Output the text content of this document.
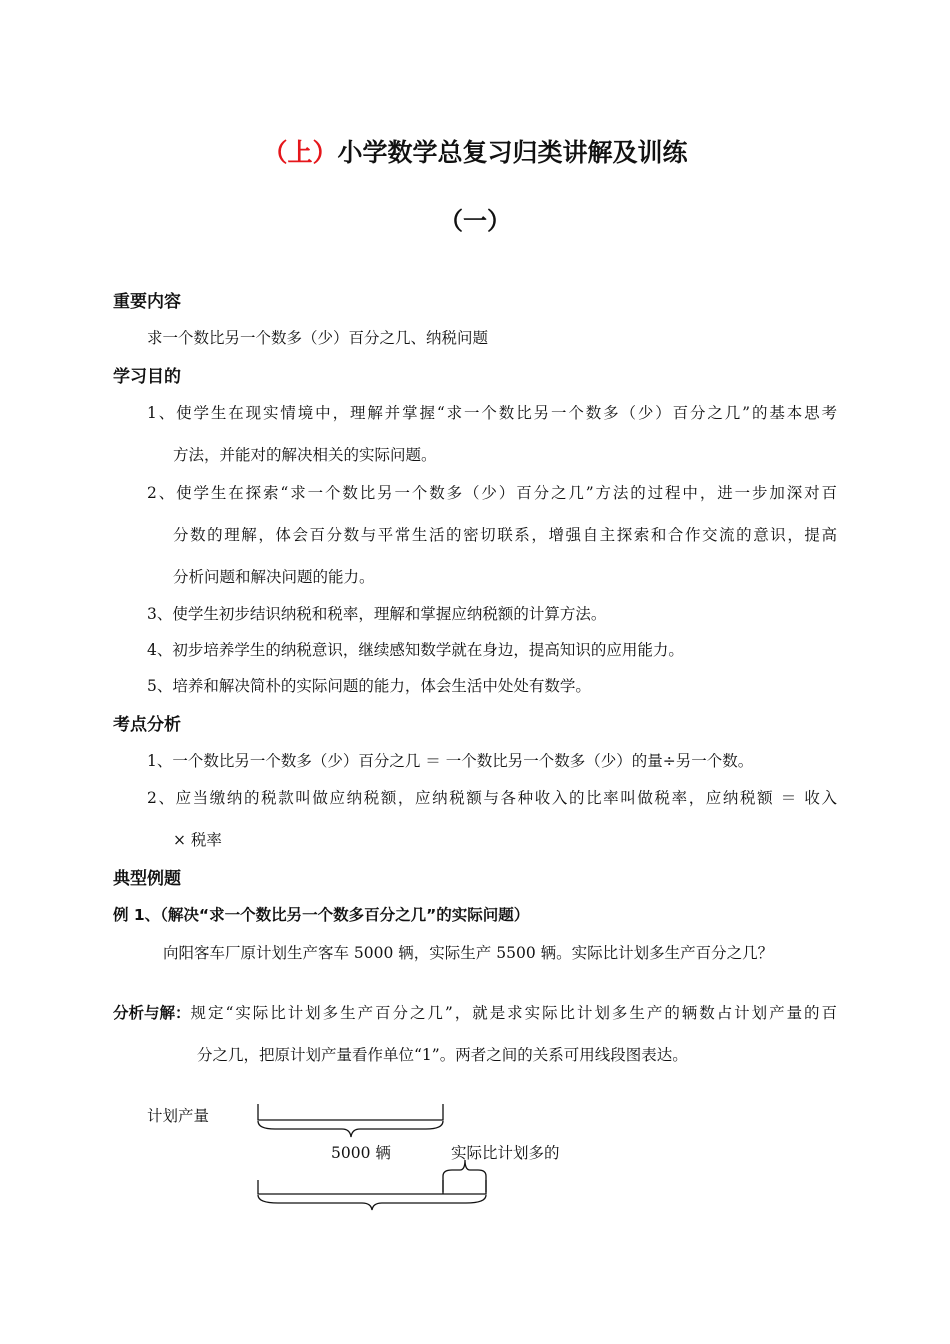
（上）小学数学总复习归类讲解及训练
（一）
重要内容
求一个数比另一个数多（少）百分之几、纳税问题
学习目的
1、使学生在现实情境中，理解并掌握“求一个数比另一个数多（少）百分之几”的基本思考
方法，并能对的解决相关的实际问题。
2、使学生在探索“求一个数比另一个数多（少）百分之几”方法的过程中，进一步加深对百
分数的理解，体会百分数与平常生活的密切联系，增强自主探索和合作交流的意识，提高
分析问题和解决问题的能力。
3、使学生初步结识纳税和税率，理解和掌握应纳税额的计算方法。
4、初步培养学生的纳税意识，继续感知数学就在身边，提高知识的应用能力。
5、培养和解决简朴的实际问题的能力，体会生活中处处有数学。
考点分析
1、一个数比另一个数多（少）百分之几 ＝ 一个数比另一个数多（少）的量÷另一个数。
2、应当缴纳的税款叫做应纳税额，应纳税额与各种收入的比率叫做税率，应纳税额 ＝ 收入
× 税率
典型例题
例 1、（解决“求一个数比另一个数多百分之几”的实际问题）
向阳客车厂原计划生产客车 5000 辆，实际生产 5500 辆。实际比计划多生产百分之几？
分析与解： 规定“实际比计划多生产百分之几”，就是求实际比计划多生产的辆数占计划产量的百
分之几，把原计划产量看作单位“1”。两者之间的关系可用线段图表达。
计划产量
5000 辆	实际比计划多的
